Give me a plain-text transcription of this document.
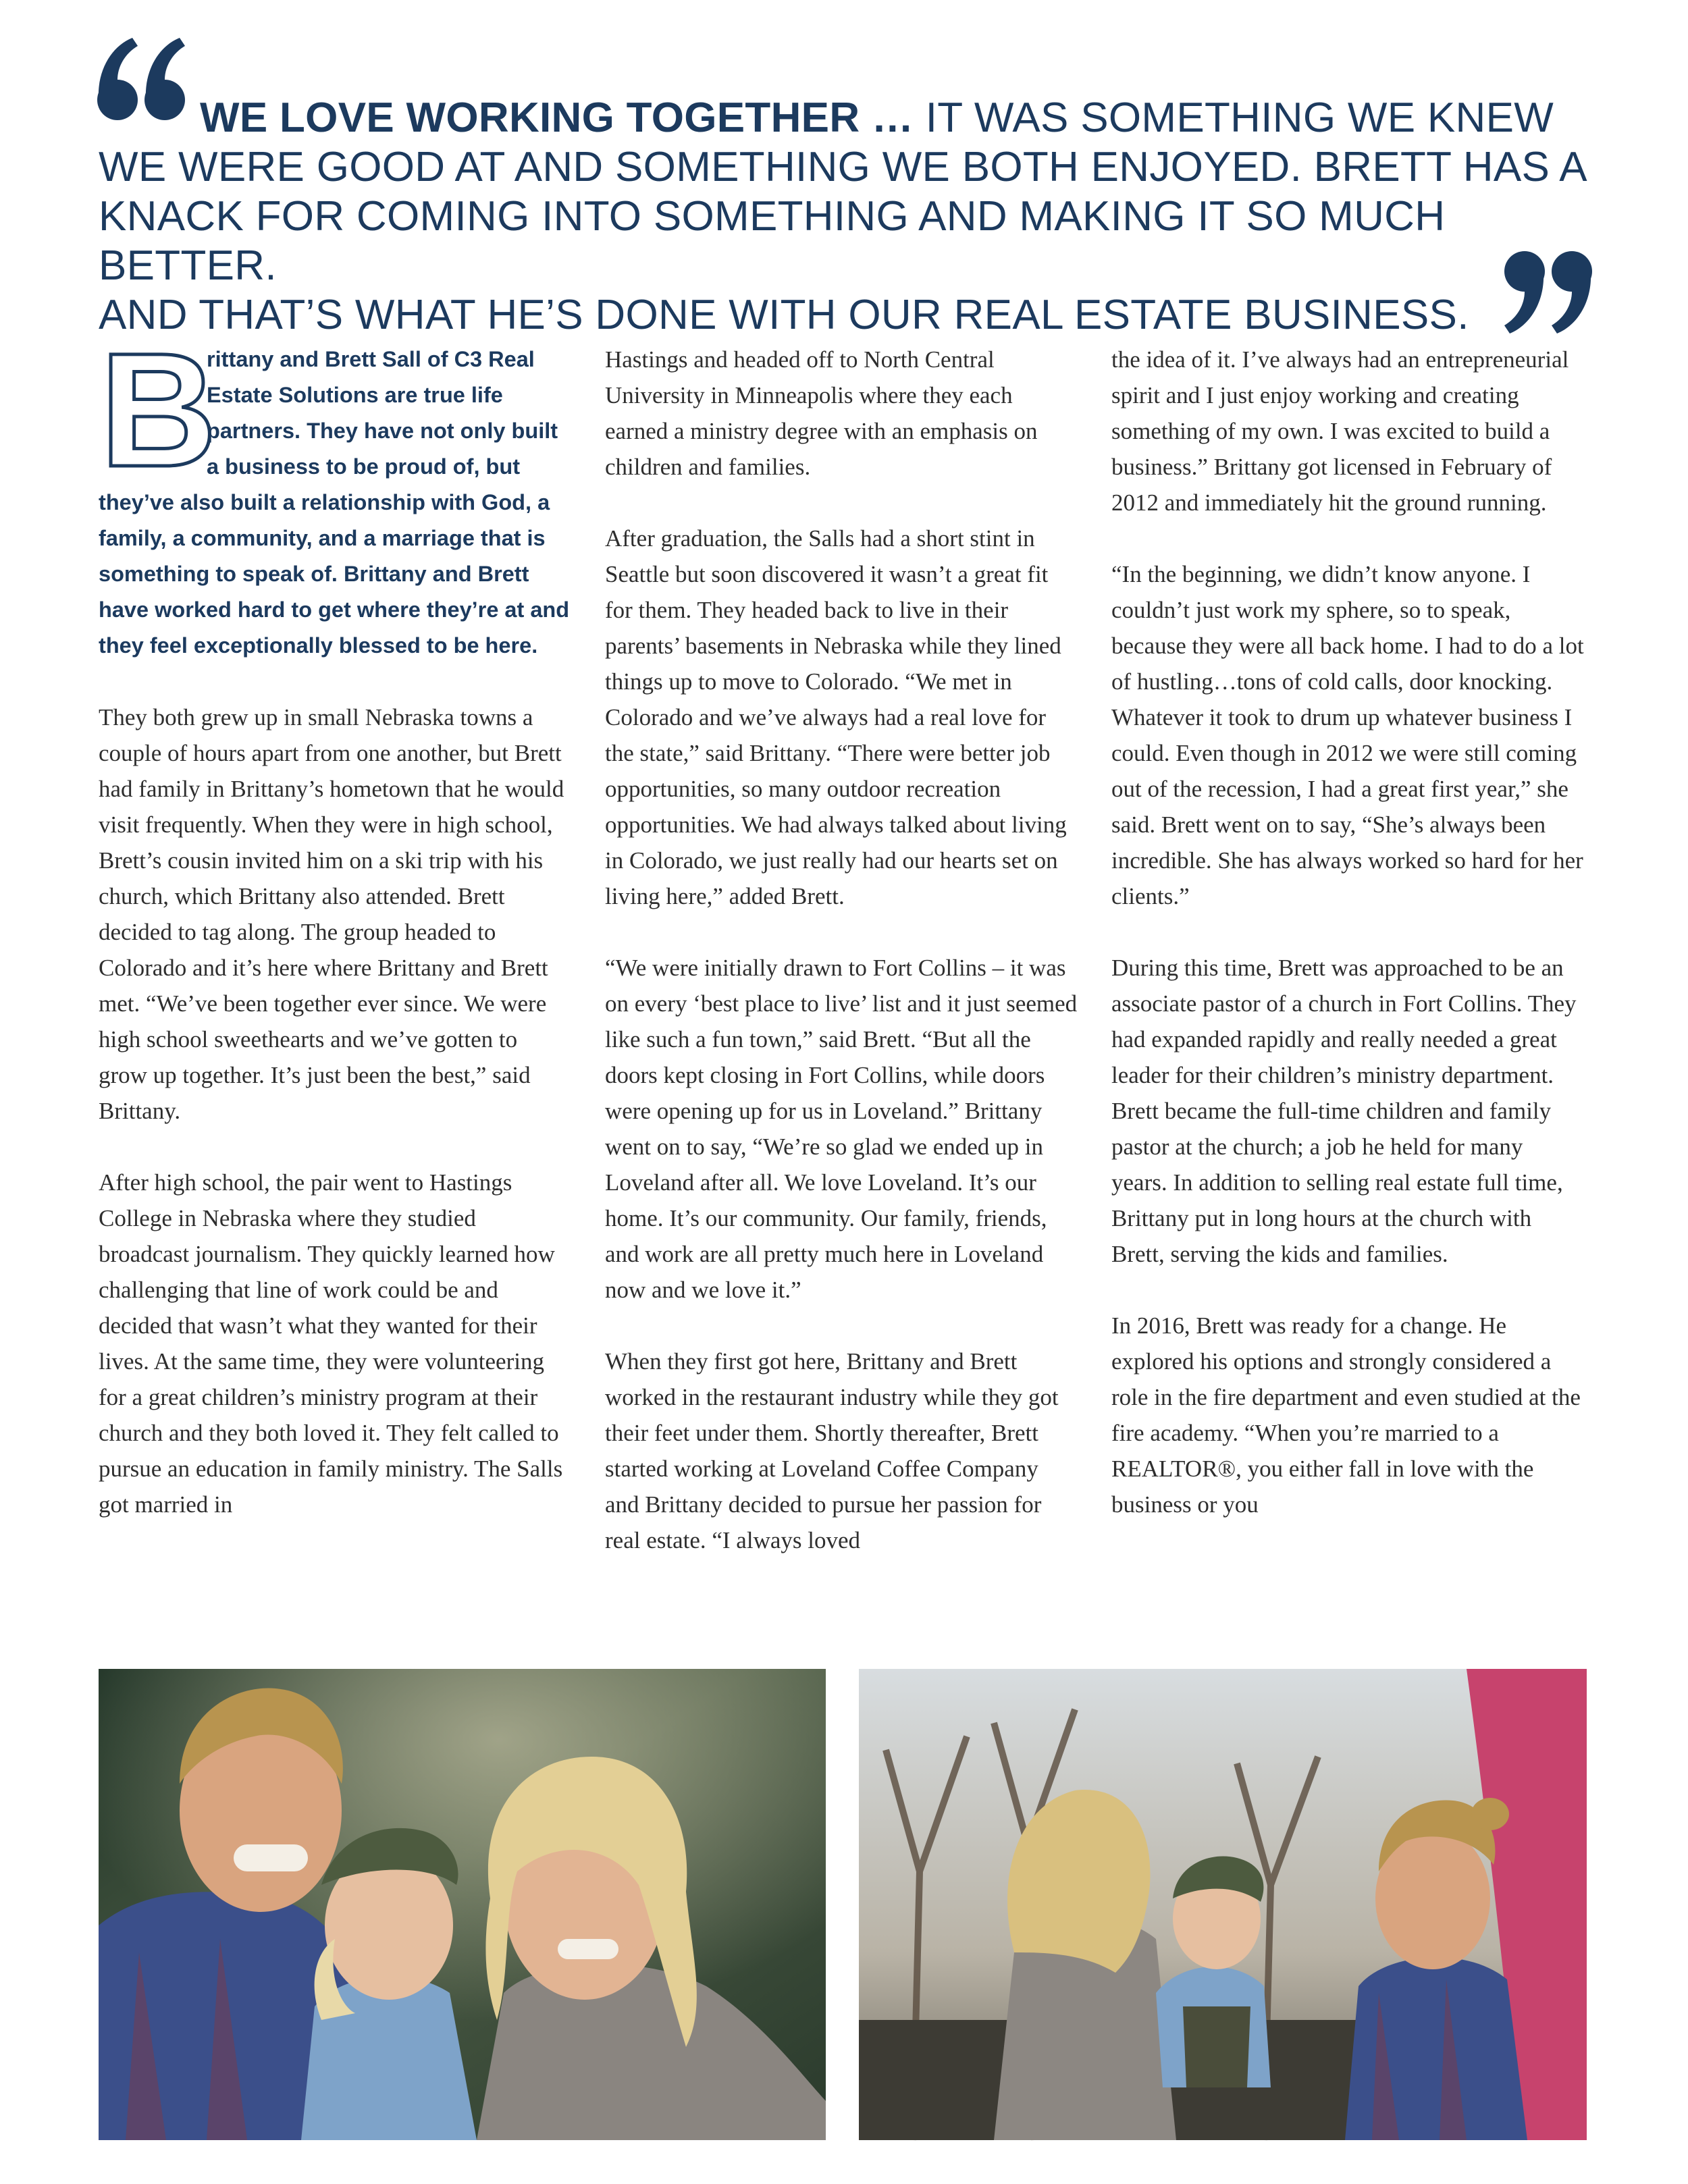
WE LOVE WORKING TOGETHER … IT WAS SOMETHING WE KNEW
WE WERE GOOD AT AND SOMETHING WE BOTH ENJOYED. BRETT HAS A
KNACK FOR COMING INTO SOMETHING AND MAKING IT SO MUCH BETTER.
AND THAT’S WHAT HE’S DONE WITH OUR REAL ESTATE BUSINESS.
B

rittany and Brett Sall of C3 Real Estate Solutions are true life partners. They have not only built a business to be proud of, but they’ve also built a relationship with God, a family, a community, and a marriage that is something to speak of. Brittany and Brett have worked hard to get where they’re at and they feel exceptionally blessed to be here.

They both grew up in small Nebraska towns a couple of hours apart from one another, but Brett had family in Brittany’s hometown that he would visit frequently. When they were in high school, Brett’s cousin invited him on a ski trip with his church, which Brittany also attended. Brett decided to tag along. The group headed to Colorado and it’s here where Brittany and Brett met. “We’ve been together ever since. We were high school sweethearts and we’ve gotten to grow up together. It’s just been the best,” said Brittany.

After high school, the pair went to Hastings College in Nebraska where they studied broadcast journalism. They quickly learned how challenging that line of work could be and decided that wasn’t what they wanted for their lives. At the same time, they were volunteering for a great children’s ministry program at their church and they both loved it. They felt called to pursue an education in family ministry. The Salls got married in

Hastings and headed off to North Central University in Minneapolis where they each earned a ministry degree with an emphasis on children and families.

After graduation, the Salls had a short stint in Seattle but soon discovered it wasn’t a great fit for them. They headed back to live in their parents’ basements in Nebraska while they lined things up to move to Colorado. “We met in Colorado and we’ve always had a real love for the state,” said Brittany. “There were better job opportunities, so many outdoor recreation opportunities. We had always talked about living in Colorado, we just really had our hearts set on living here,” added Brett.

“We were initially drawn to Fort Collins – it was on every ‘best place to live’ list and it just seemed like such a fun town,” said Brett. “But all the doors kept closing in Fort Collins, while doors were opening up for us in Loveland.” Brittany went on to say, “We’re so glad we ended up in Loveland after all. We love Loveland. It’s our home. It’s our community. Our family, friends, and work are all pretty much here in Loveland now and we love it.”

When they first got here, Brittany and Brett worked in the restaurant industry while they got their feet under them. Shortly thereafter, Brett started working at Loveland Coffee Company and Brittany decided to pursue her passion for real estate. “I always loved

the idea of it. I’ve always had an entrepreneurial spirit and I just enjoy working and creating something of my own. I was excited to build a business.” Brittany got licensed in February of 2012 and immediately hit the ground running.

“In the beginning, we didn’t know anyone. I couldn’t just work my sphere, so to speak, because they were all back home. I had to do a lot of hustling…tons of cold calls, door knocking. Whatever it took to drum up whatever business I could. Even though in 2012 we were still coming out of the recession, I had a great first year,” she said. Brett went on to say, “She’s always been incredible. She has always worked so hard for her clients.”

During this time, Brett was approached to be an associate pastor of a church in Fort Collins. They had expanded rapidly and really needed a great leader for their children’s ministry department. Brett became the full-time children and family pastor at the church; a job he held for many years. In addition to selling real estate full time, Brittany put in long hours at the church with Brett, serving the kids and families.

In 2016, Brett was ready for a change. He explored his options and strongly considered a role in the fire department and even studied at the fire academy. “When you’re married to a REALTOR®, you either fall in love with the business or you
